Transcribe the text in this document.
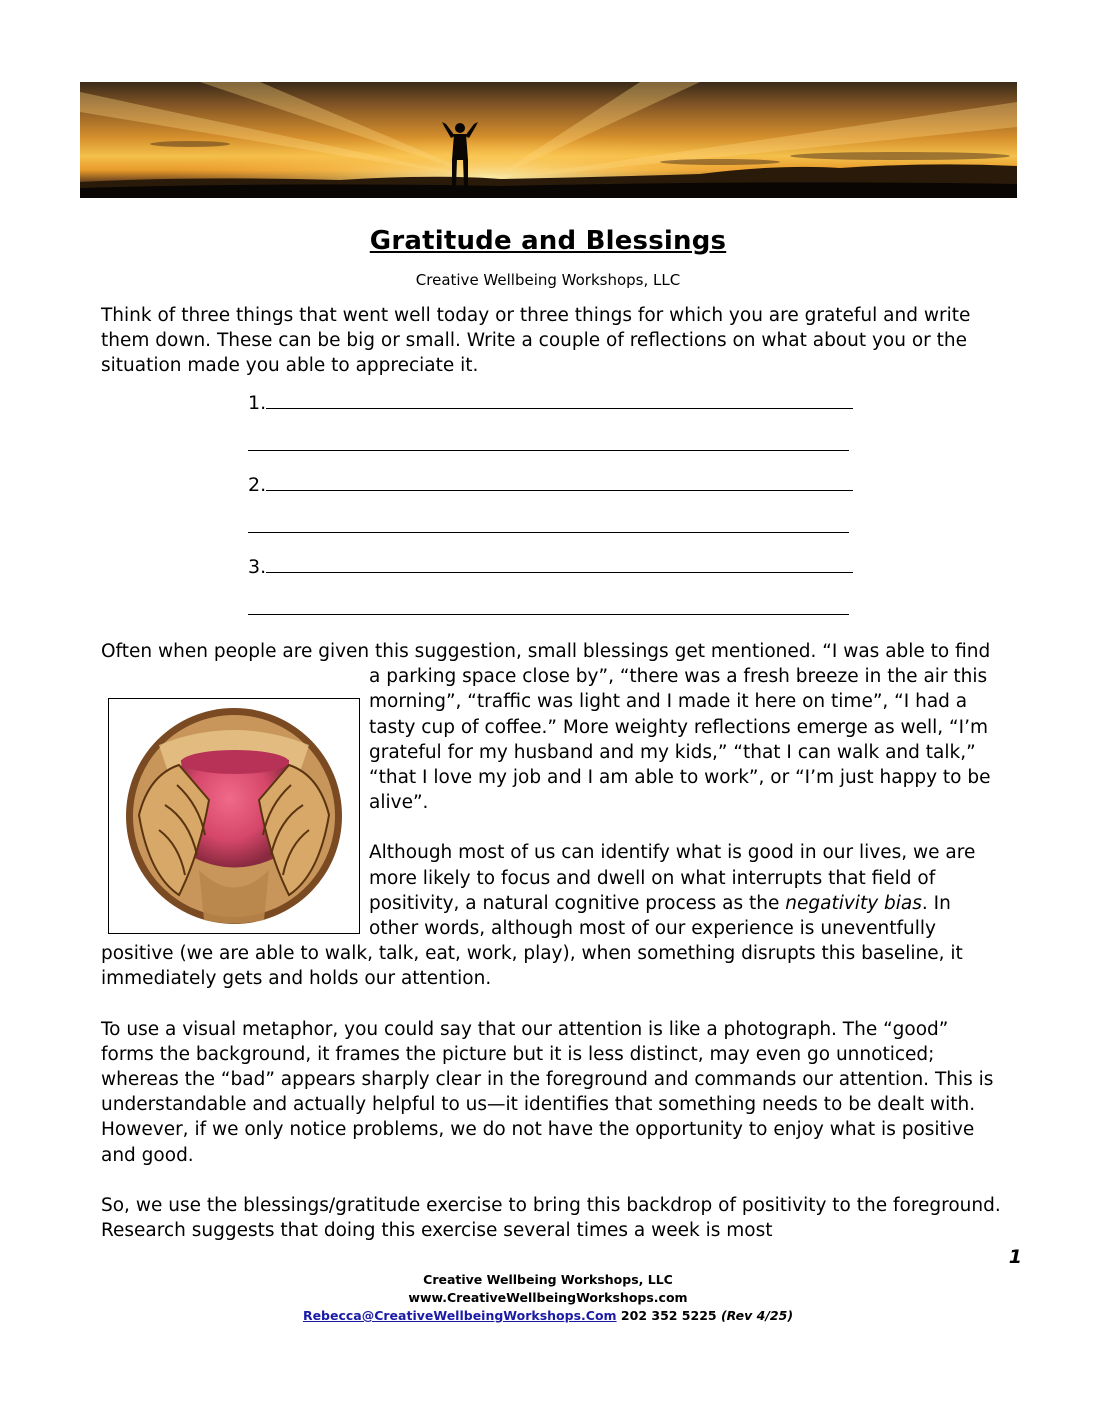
Gratitude and Blessings
Creative Wellbeing Workshops, LLC

Think of three things that went well today or three things for which you are grateful and write them down. These can be big or small. Write a couple of reflections on what about you or the situation made you able to appreciate it.

1.
2.
3.

Often when people are given this suggestion, small blessings get mentioned. “I was able to find a parking space close by”, “there was a fresh breeze in the air this morning”, “traffic was light and I made it here on time”, “I had a tasty cup of coffee.” More weighty reflections emerge as well, “I’m grateful for my husband and my kids,” “that I can walk and talk,” “that I love my job and I am able to work”, or “I’m just happy to be alive”.

Although most of us can identify what is good in our lives, we are more likely to focus and dwell on what interrupts that field of positivity, a natural cognitive process as the negativity bias. In other words, although most of our experience is uneventfully positive (we are able to walk, talk, eat, work, play), when something disrupts this baseline, it immediately gets and holds our attention.

To use a visual metaphor, you could say that our attention is like a photograph. The “good” forms the background, it frames the picture but it is less distinct, may even go unnoticed; whereas the “bad” appears sharply clear in the foreground and commands our attention. This is understandable and actually helpful to us—it identifies that something needs to be dealt with. However, if we only notice problems, we do not have the opportunity to enjoy what is positive and good.

So, we use the blessings/gratitude exercise to bring this backdrop of positivity to the foreground. Research suggests that doing this exercise several times a week is most

1
Creative Wellbeing Workshops, LLC
www.CreativeWellbeingWorkshops.com
Rebecca@CreativeWellbeingWorkshops.Com 202 352 5225 (Rev 4/25)
